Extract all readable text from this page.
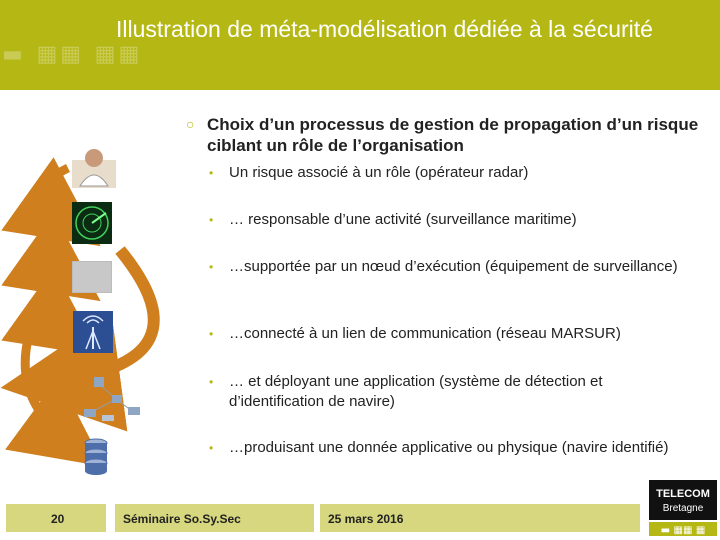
▬ ▦▦ ▦▦
Illustration de méta-modélisation dédiée à la sécurité
○ Choix d’un processus de gestion de propagation d’un risque ciblant un rôle de l’organisation
• Un risque associé à un rôle (opérateur radar)
• … responsable d’une activité (surveillance maritime)
• …supportée par un nœud d’exécution (équipement de surveillance)
• …connecté à un lien de communication (réseau MARSUR)
• … et déployant une application (système de détection et d’identification de navire)
• …produisant une donnée applicative ou physique (navire identifié)
20	Séminaire So.Sy.Sec	25 mars 2016
TELECOM
Bretagne
▬ ▦▦ ▦
